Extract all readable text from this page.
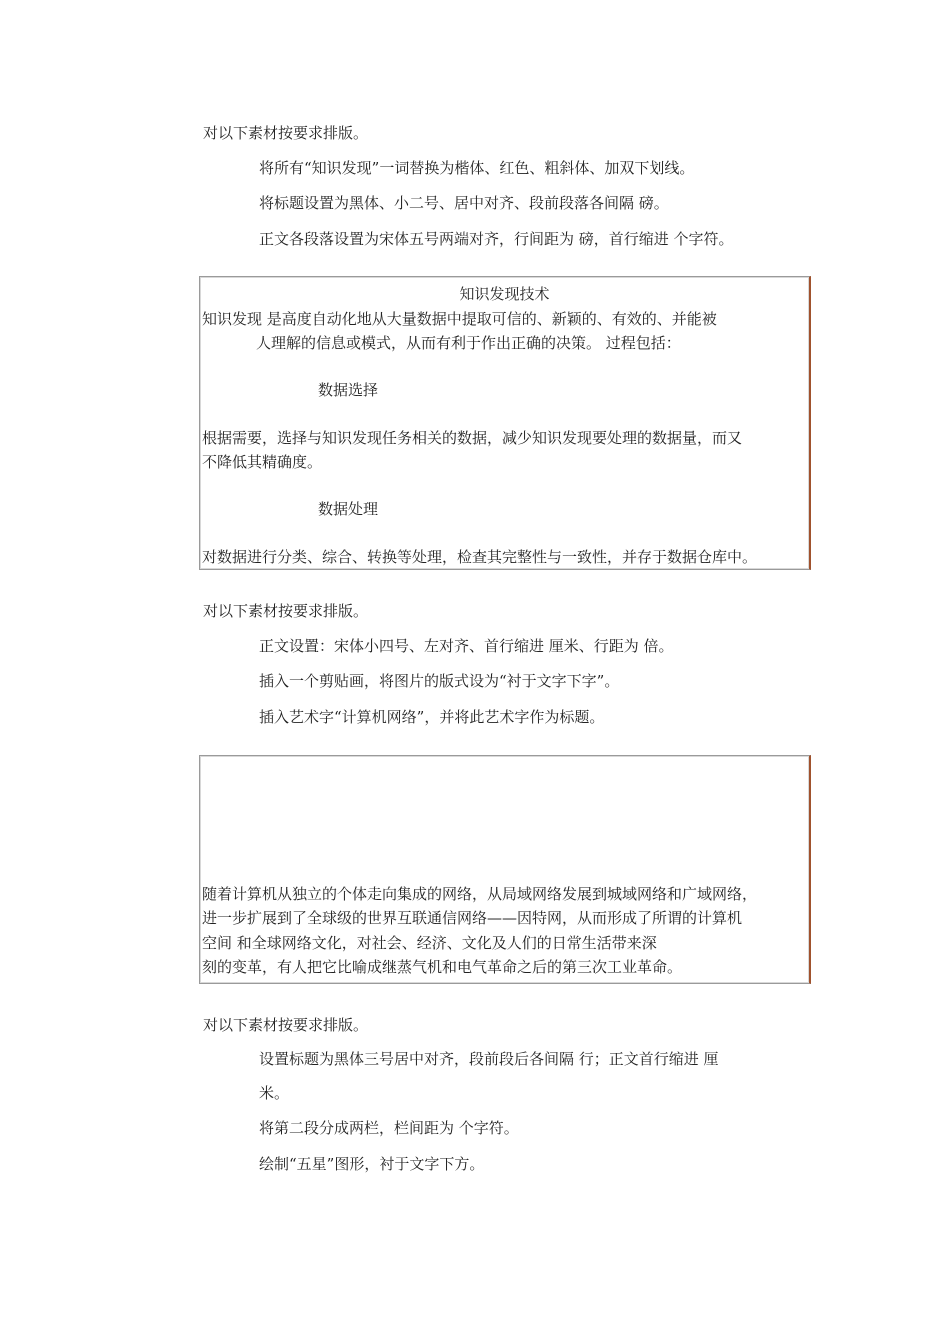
对以下素材按要求排版。
将所有“知识发现”一词替换为楷体、红色、粗斜体、加双下划线。
将标题设置为黑体、小二号、居中对齐、段前段落各间隔 磅。
正文各段落设置为宋体五号两端对齐，行间距为 磅，首行缩进 个字符。
知识发现技术
知识发现 是高度自动化地从大量数据中提取可信的、新颖的、有效的、并能被
人理解的信息或模式，从而有利于作出正确的决策。 过程包括：
数据选择
根据需要，选择与知识发现任务相关的数据，减少知识发现要处理的数据量，而又
不降低其精确度。
数据处理
对数据进行分类、综合、转换等处理，检查其完整性与一致性，并存于数据仓库中。
对以下素材按要求排版。
正文设置：宋体小四号、左对齐、首行缩进 厘米、行距为 倍。
插入一个剪贴画，将图片的版式设为“衬于文字下字”。
插入艺术字“计算机网络”，并将此艺术字作为标题。
随着计算机从独立的个体走向集成的网络，从局域网络发展到城域网络和广域网络，
进一步扩展到了全球级的世界互联通信网络——因特网，从而形成了所谓的计算机
空间 和全球网络文化，对社会、经济、文化及人们的日常生活带来深
刻的变革，有人把它比喻成继蒸气机和电气革命之后的第三次工业革命。
对以下素材按要求排版。
设置标题为黑体三号居中对齐，段前段后各间隔 行；正文首行缩进 厘
米。
将第二段分成两栏，栏间距为 个字符。
绘制“五星”图形，衬于文字下方。
